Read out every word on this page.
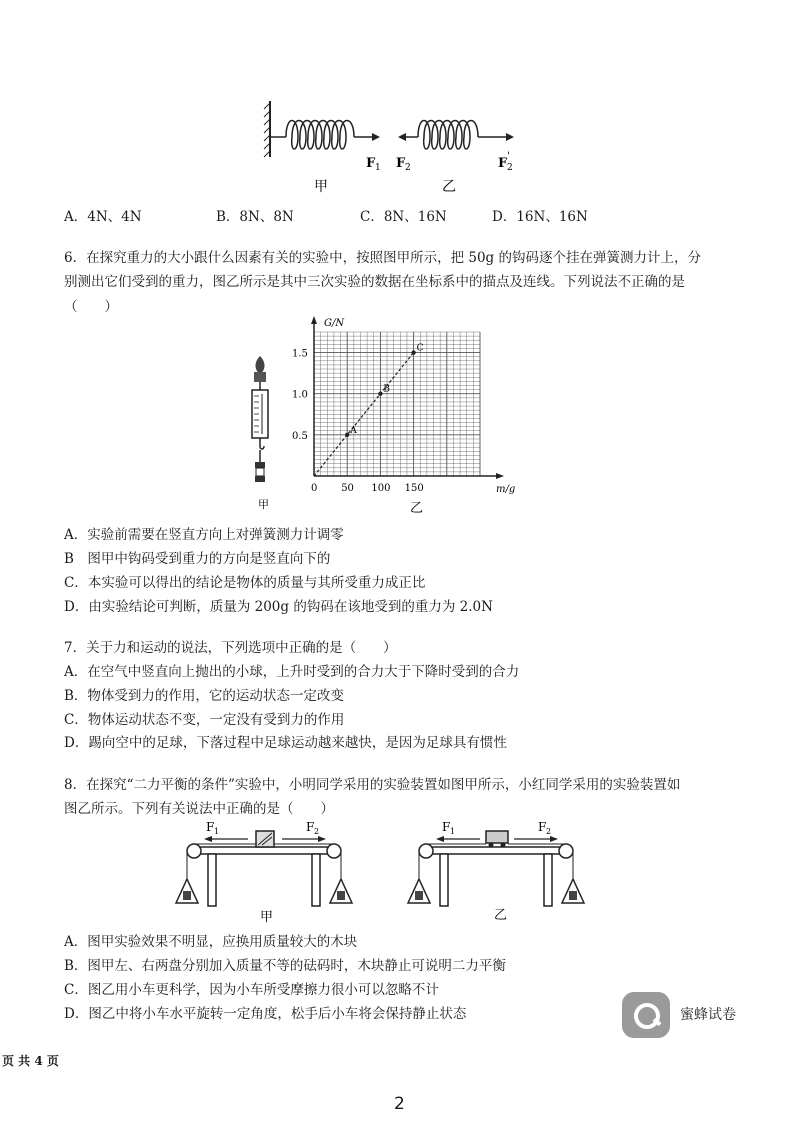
F 1 F 2	F 2
'
甲	乙
A．4N、4N	B．8N、8N	C．8N、16N	D．16N、16N
6．在探究重力的大小跟什么因素有关的实验中，按照图甲所示，把 50g 的钩码逐个挂在弹簧测力计上，分
别测出它们受到的重力，图乙所示是其中三次实验的数据在坐标系中的描点及连线。下列说法不正确的是
（　　）
甲
G/N
m/g
0 50 100 150
0.5
1.0
1.5
A
B
C
乙
A．实验前需要在竖直方向上对弹簧测力计调零
B　图甲中钩码受到重力的方向是竖直向下的
C．本实验可以得出的结论是物体的质量与其所受重力成正比
D．由实验结论可判断，质量为 200g 的钩码在该地受到的重力为 2.0N
7．关于力和运动的说法，下列选项中正确的是（　　）
A．在空气中竖直向上抛出的小球，上升时受到的合力大于下降时受到的合力
B．物体受到力的作用，它的运动状态一定改变
C．物体运动状态不变，一定没有受到力的作用
D．踢向空中的足球，下落过程中足球运动越来越快，是因为足球具有惯性
8．在探究“二力平衡的条件”实验中，小明同学采用的实验装置如图甲所示，小红同学采用的实验装置如
图乙所示。下列有关说法中正确的是（　　）
F 1	F 2
甲
F 1	F 2
乙
A．图甲实验效果不明显，应换用质量较大的木块
B．图甲左、右两盘分别加入质量不等的砝码时，木块静止可说明二力平衡
C．图乙用小车更科学，因为小车所受摩擦力很小可以忽略不计
D．图乙中将小车水平旋转一定角度，松手后小车将会保持静止状态	蜜蜂试卷
页 共 4 页
2
